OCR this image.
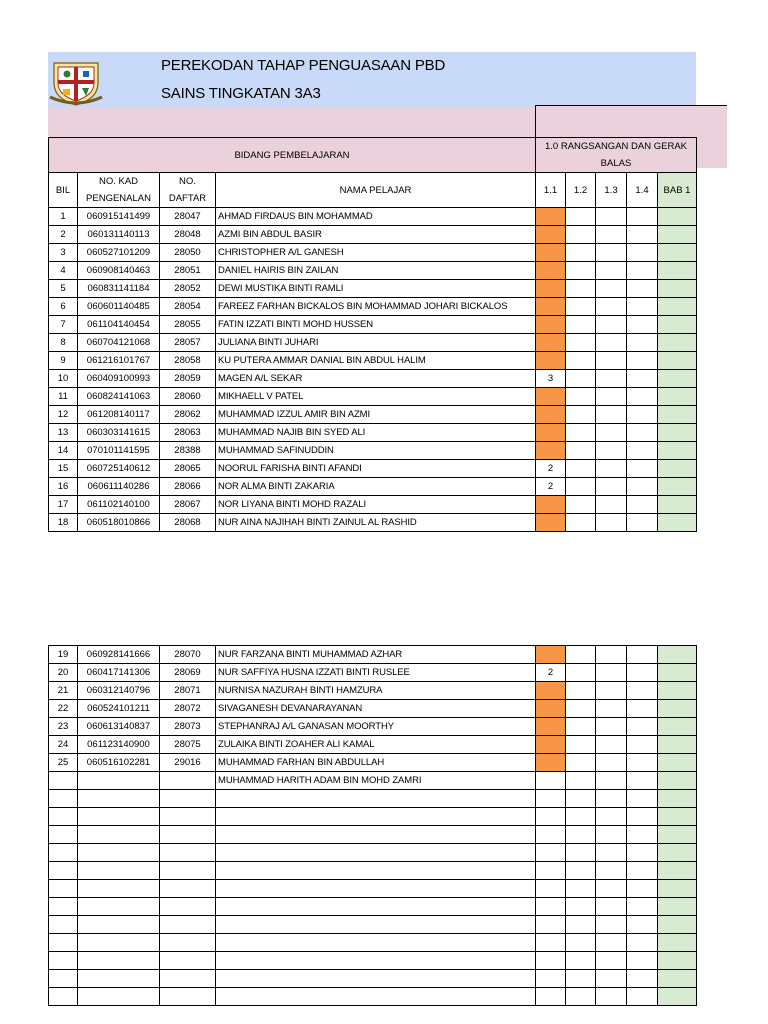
PEREKODAN TAHAP PENGUASAAN PBD
SAINS TINGKATAN 3A3
BIDANG PEMBELAJARAN				1.0 RANGSANGAN DAN GERAK BALAS				
BIL	NO. KAD PENGENALAN	NO. DAFTAR	NAMA PELAJAR	1.1	1.2	1.3	1.4	BAB 1
1	060915141499	28047	AHMAD FIRDAUS BIN MOHAMMAD					
2	060131140113	28048	AZMI BIN ABDUL BASIR					
3	060527101209	28050	CHRISTOPHER A/L GANESH					
4	060908140463	28051	DANIEL HAIRIS BIN ZAILAN					
5	060831141184	28052	DEWI MUSTIKA BINTI RAMLI					
6	060601140485	28054	FAREEZ FARHAN BICKALOS BIN MOHAMMAD JOHARI BICKALOS					
7	061104140454	28055	FATIN IZZATI BINTI MOHD HUSSEN					
8	060704121068	28057	JULIANA BINTI JUHARI					
9	061216101767	28058	KU PUTERA AMMAR DANIAL BIN ABDUL HALIM					
10	060409100993	28059	MAGEN A/L SEKAR	3				
11	060824141063	28060	MIKHAELL V PATEL					
12	061208140117	28062	MUHAMMAD IZZUL AMIR BIN AZMI					
13	060303141615	28063	MUHAMMAD NAJIB BIN SYED ALI					
14	070101141595	28388	MUHAMMAD SAFINUDDIN					
15	060725140612	28065	NOORUL FARISHA BINTI AFANDI	2				
16	060611140286	28066	NOR ALMA BINTI ZAKARIA	2				
17	061102140100	28067	NOR LIYANA BINTI MOHD RAZALI					
18	060518010866	28068	NUR AINA NAJIHAH BINTI ZAINUL AL RASHID					
19	060928141666	28070	NUR FARZANA BINTI MUHAMMAD AZHAR					
20	060417141306	28069	NUR SAFFIYA HUSNA IZZATI BINTI RUSLEE	2				
21	060312140796	28071	NURNISA NAZURAH BINTI HAMZURA					
22	060524101211	28072	SIVAGANESH DEVANARAYANAN					
23	060613140837	28073	STEPHANRAJ A/L GANASAN MOORTHY					
24	061123140900	28075	ZULAIKA BINTI ZOAHER ALI KAMAL					
25	060516102281	29016	MUHAMMAD FARHAN BIN ABDULLAH					
			MUHAMMAD HARITH ADAM BIN MOHD ZAMRI					
